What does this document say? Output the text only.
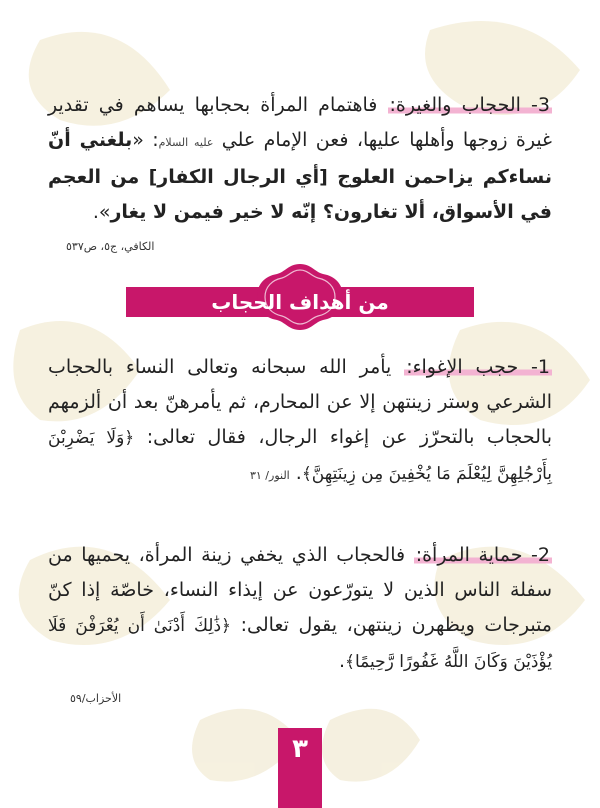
3- الحجاب والغيرة: فاهتمام المرأة بحجابها يساهم في تقدير غيرة زوجها وأهلها عليها، فعن الإمام علي عليه السلام: «بلغني أنّ نساءكم يزاحمن العلوج [أي الرجال الكفار] من العجم في الأسواق، ألا تغارون؟ إنّه لا خير فيمن لا يغار».

الكافي، ج٥، ص٥٣٧
من أهداف الحجاب

1- حجب الإغواء: يأمر الله سبحانه وتعالى النساء بالحجاب الشرعي وستر زينتهن إلا عن المحارم، ثم يأمرهنّ بعد أن ألزمهم بالحجاب بالتحرّز عن إغواء الرجال، فقال تعالى: ﴿وَلَا يَضْرِبْنَ بِأَرْجُلِهِنَّ لِيُعْلَمَ مَا يُخْفِينَ مِن زِينَتِهِنَّ﴾. النور/ ٣١

2- حماية المرأة: فالحجاب الذي يخفي زينة المرأة، يحميها من سفلة الناس الذين لا يتورّعون عن إيذاء النساء، خاصّة إذا كنّ متبرجات ويظهرن زينتهن، يقول تعالى: ﴿ذَٰلِكَ أَدْنَىٰ أَن يُعْرَفْنَ فَلَا يُؤْذَيْنَ وَكَانَ اللَّهُ غَفُورًا رَّحِيمًا﴾.

الأحزاب/٥٩
٣
